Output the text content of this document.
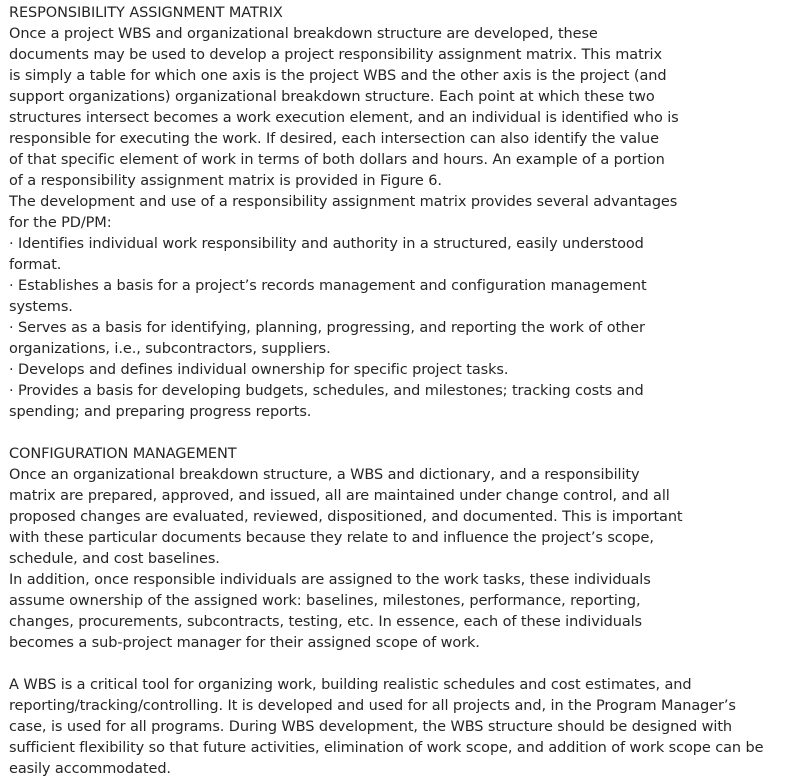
RESPONSIBILITY ASSIGNMENT MATRIX

Once a project WBS and organizational breakdown structure are developed, these
documents may be used to develop a project responsibility assignment matrix. This matrix
is simply a table for which one axis is the project WBS and the other axis is the project (and
support organizations) organizational breakdown structure. Each point at which these two
structures intersect becomes a work execution element, and an individual is identified who is
responsible for executing the work. If desired, each intersection can also identify the value
of that specific element of work in terms of both dollars and hours. An example of a portion
of a responsibility assignment matrix is provided in Figure 6.

The development and use of a responsibility assignment matrix provides several advantages
for the PD/PM:

· Identifies individual work responsibility and authority in a structured, easily understood
format.

· Establishes a basis for a project’s records management and configuration management
systems.

· Serves as a basis for identifying, planning, progressing, and reporting the work of other
organizations, i.e., subcontractors, suppliers.

· Develops and defines individual ownership for specific project tasks.

· Provides a basis for developing budgets, schedules, and milestones; tracking costs and
spending; and preparing progress reports.

CONFIGURATION MANAGEMENT

Once an organizational breakdown structure, a WBS and dictionary, and a responsibility
matrix are prepared, approved, and issued, all are maintained under change control, and all
proposed changes are evaluated, reviewed, dispositioned, and documented. This is important
with these particular documents because they relate to and influence the project’s scope,
schedule, and cost baselines.

In addition, once responsible individuals are assigned to the work tasks, these individuals
assume ownership of the assigned work: baselines, milestones, performance, reporting,
changes, procurements, subcontracts, testing, etc. In essence, each of these individuals
becomes a sub-project manager for their assigned scope of work.

A WBS is a critical tool for organizing work, building realistic schedules and cost estimates, and
reporting/tracking/controlling. It is developed and used for all projects and, in the Program Manager’s
case, is used for all programs. During WBS development, the WBS structure should be designed with
sufficient flexibility so that future activities, elimination of work scope, and addition of work scope can be
easily accommodated.
